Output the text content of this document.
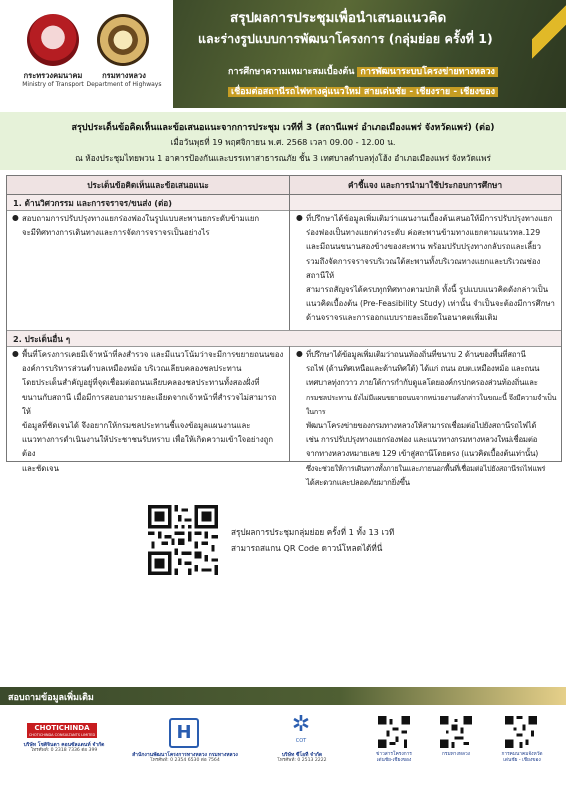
กระทรวงคมนาคม
Ministry of Transport
กรมทางหลวง
Department of Highways
สรุปผลการประชุมเพื่อนำเสนอแนวคิด
และร่างรูปแบบการพัฒนาโครงการ (กลุ่มย่อย ครั้งที่ 1)
การศึกษาความเหมาะสมเบื้องต้น การพัฒนาระบบโครงข่ายทางหลวง
เชื่อมต่อสถานีรถไฟทางคู่แนวใหม่ สายเด่นชัย - เชียงราย - เชียงของ
สรุปประเด็นข้อคิดเห็นและข้อเสนอแนะจากการประชุม เวทีที่ 3 (สถานีแพร่ อำเภอเมืองแพร่ จังหวัดแพร่) (ต่อ)
เมื่อวันพุธที่ 19 พฤศจิกายน พ.ศ. 2568 เวลา 09.00 - 12.00 น.
ณ ห้องประชุมไทยพวน 1 อาคารป้องกันและบรรเทาสาธารณภัย ชั้น 3 เทศบาลตำบลทุ่งโฮ้ง อำเภอเมืองแพร่ จังหวัดแพร่
ประเด็นข้อคิดเห็นและข้อเสนอแนะ	คำชี้แจง และการนำมาใช้ประกอบการศึกษา
1. ด้านวิศวกรรม และการจราจร/ขนส่ง (ต่อ)
● สอบถามการปรับปรุงทางแยกร่องฟองในรูปแบบสะพานยกระดับข้ามแยก
จะมีทิศทางการเดินทางและการจัดการจราจรเป็นอย่างไร
● ที่ปรึกษาได้ข้อมูลเพิ่มเติมว่าแผนงานเบื้องต้นเสนอให้มีการปรับปรุงทางแยก
ร่องฟองเป็นทางแยกต่างระดับ ค่อสะพานข้ามทางแยกตามแนวทล.129
และมีถนนขนานสองข้างของสะพาน พร้อมปรับปรุงทางกลับรถและเลี้ยว
รวมถึงจัดการจราจรบริเวณใต้สะพานทั้งบริเวณทางแยกและบริเวณช่องสถานีให้
สามารถสัญจรได้ครบทุกทิศทางตามปกติ ทั้งนี้ รูปแบบแนวคิดดังกล่าวเป็น
แนวคิดเบื้องต้น (Pre-Feasibility Study) เท่านั้น จำเป็นจะต้องมีการศึกษา
ด้านจราจรและการออกแบบรายละเอียดในอนาคตเพิ่มเติม
2. ประเด็นอื่น ๆ
● พื้นที่โครงการเคยมีเจ้าหน้าที่ลงสำรวจ และมีแนวโน้มว่าจะมีการขยายถนนของ
องค์การบริหารส่วนตำบลเหมืองหม้อ บริเวณเลียบคลองชลประทาน
โดยประเด็นสำคัญอยู่ที่จุดเชื่อมต่อถนนเลียบคลองชลประทานทั้งสองฝั่งที่
ขนานกับสถานี เมื่อมีการสอบถามรายละเอียดจากเจ้าหน้าที่สำรวจไม่สามารถให้
ข้อมูลที่ชัดเจนได้ จึงอยากให้กรมชลประทานชี้แจงข้อมูลแผนงานและ
แนวทางการดำเนินงานให้ประชาชนรับทราบ เพื่อให้เกิดความเข้าใจอย่างถูกต้อง
และชัดเจน
● ที่ปรึกษาได้ข้อมูลเพิ่มเติมว่าถนนท้องถิ่นที่ขนาบ 2 ด้านของพื้นที่สถานี
รถไฟ (ด้านทิศเหนือและด้านทิศใต้) ได้แก่ ถนน อบต.เหมืองหม้อ และถนน
เทศบาลทุ่งกวาว ภายใต้การกำกับดูแลโดยองค์กรปกครองส่วนท้องถิ่นและ
กรมชลประทาน ยังไม่มีแผนขยายถนนจากหน่วยงานดังกล่าวในขณะนี้ จึงมีความจำเป็นในการ
พัฒนาโครงข่ายของกรมทางหลวงให้สามารถเชื่อมต่อไปยังสถานีรถไฟได้
เช่น การปรับปรุงทางแยกร่องฟอง และแนวทางกรมทางหลวงใหม่เชื่อมต่อ
จากทางหลวงหมายเลข 129 เข้าสู่สถานีโดยตรง (แนวคิดเบื้องต้นเท่านั้น)
ซึ่งจะช่วยให้การเดินทางทั้งภายในและภายนอกพื้นที่เชื่อมต่อไปยังสถานีรถไฟแพร่
ได้สะดวกและปลอดภัยมากยิ่งขึ้น
สรุปผลการประชุมกลุ่มย่อย ครั้งที่ 1 ทั้ง 13 เวที
สามารถสแกน QR Code ดาวน์โหลดได้ที่นี่
สอบถามข้อมูลเพิ่มเติม
CHOTICHINDA
CHOTICHINDA CONSULTANTS LIMITED
บริษัท โชติจินดา คอนซัลแตนท์ จำกัด
โทรศัพท์: 0 2318 7336 ต่อ 399
H
สำนักงานพัฒนาโครงการทางหลวง กรมทางหลวง
โทรศัพท์: 0 2354 6530 ต่อ 7564
✲
COT
บริษัท ซีโอที จำกัด
โทรศัพท์: 0 2513 2222
ข่าวสารโครงการ
เด่นชัย-เชียงของ
กรมทางหลวง	การคมนาคมจังหวัด
เด่นชัย - เชียงของ
